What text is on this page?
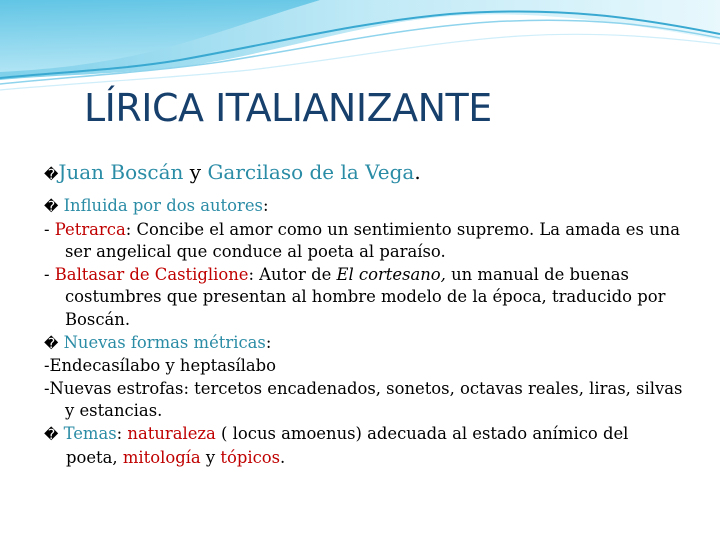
LÍRICA ITALIANIZANTE
�Juan Boscán y Garcilaso de la Vega.
� Influida por dos autores:
- Petrarca: Concibe el amor como un sentimiento supremo. La amada es una ser angelical que conduce al poeta al paraíso.
- Baltasar de Castiglione: Autor de El cortesano, un manual de buenas costumbres que presentan al hombre modelo de la época, traducido por Boscán.
� Nuevas formas métricas:
-Endecasílabo y heptasílabo
-Nuevas estrofas: tercetos encadenados, sonetos, octavas reales, liras, silvas y estancias.
� Temas: naturaleza ( locus amoenus) adecuada al estado anímico del poeta, mitología y tópicos.
